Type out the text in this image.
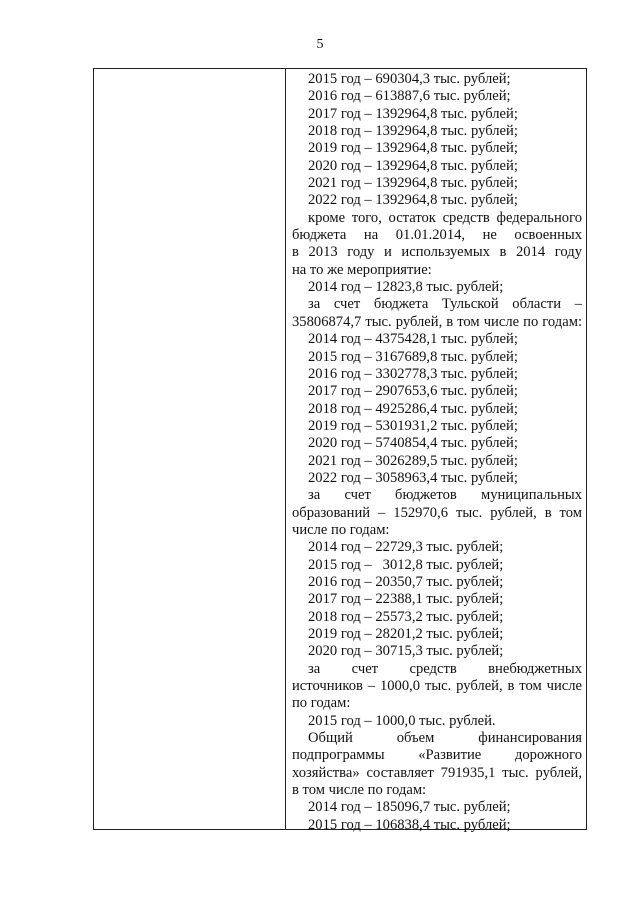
5
2015 год – 690304,3 тыс. рублей;
2016 год – 613887,6 тыс. рублей;
2017 год – 1392964,8 тыс. рублей;
2018 год – 1392964,8 тыс. рублей;
2019 год – 1392964,8 тыс. рублей;
2020 год – 1392964,8 тыс. рублей;
2021 год – 1392964,8 тыс. рублей;
2022 год – 1392964,8 тыс. рублей;
кроме того, остаток средств федерального
бюджета на 01.01.2014, не освоенных
в 2013 году и используемых в 2014 году
на то же мероприятие:
2014 год – 12823,8 тыс. рублей;
за счет бюджета Тульской области –
35806874,7 тыс. рублей, в том числе по годам:
2014 год – 4375428,1 тыс. рублей;
2015 год – 3167689,8 тыс. рублей;
2016 год – 3302778,3 тыс. рублей;
2017 год – 2907653,6 тыс. рублей;
2018 год – 4925286,4 тыс. рублей;
2019 год – 5301931,2 тыс. рублей;
2020 год – 5740854,4 тыс. рублей;
2021 год – 3026289,5 тыс. рублей;
2022 год – 3058963,4 тыс. рублей;
за счет бюджетов муниципальных
образований – 152970,6 тыс. рублей, в том
числе по годам:
2014 год – 22729,3 тыс. рублей;
2015 год –   3012,8 тыс. рублей;
2016 год – 20350,7 тыс. рублей;
2017 год – 22388,1 тыс. рублей;
2018 год – 25573,2 тыс. рублей;
2019 год – 28201,2 тыс. рублей;
2020 год – 30715,3 тыс. рублей;
за счет средств внебюджетных
источников – 1000,0 тыс. рублей, в том числе
по годам:
2015 год – 1000,0 тыс. рублей.
Общий объем финансирования
подпрограммы «Развитие дорожного
хозяйства» составляет 791935,1 тыс. рублей,
в том числе по годам:
2014 год – 185096,7 тыс. рублей;
2015 год – 106838,4 тыс. рублей;
